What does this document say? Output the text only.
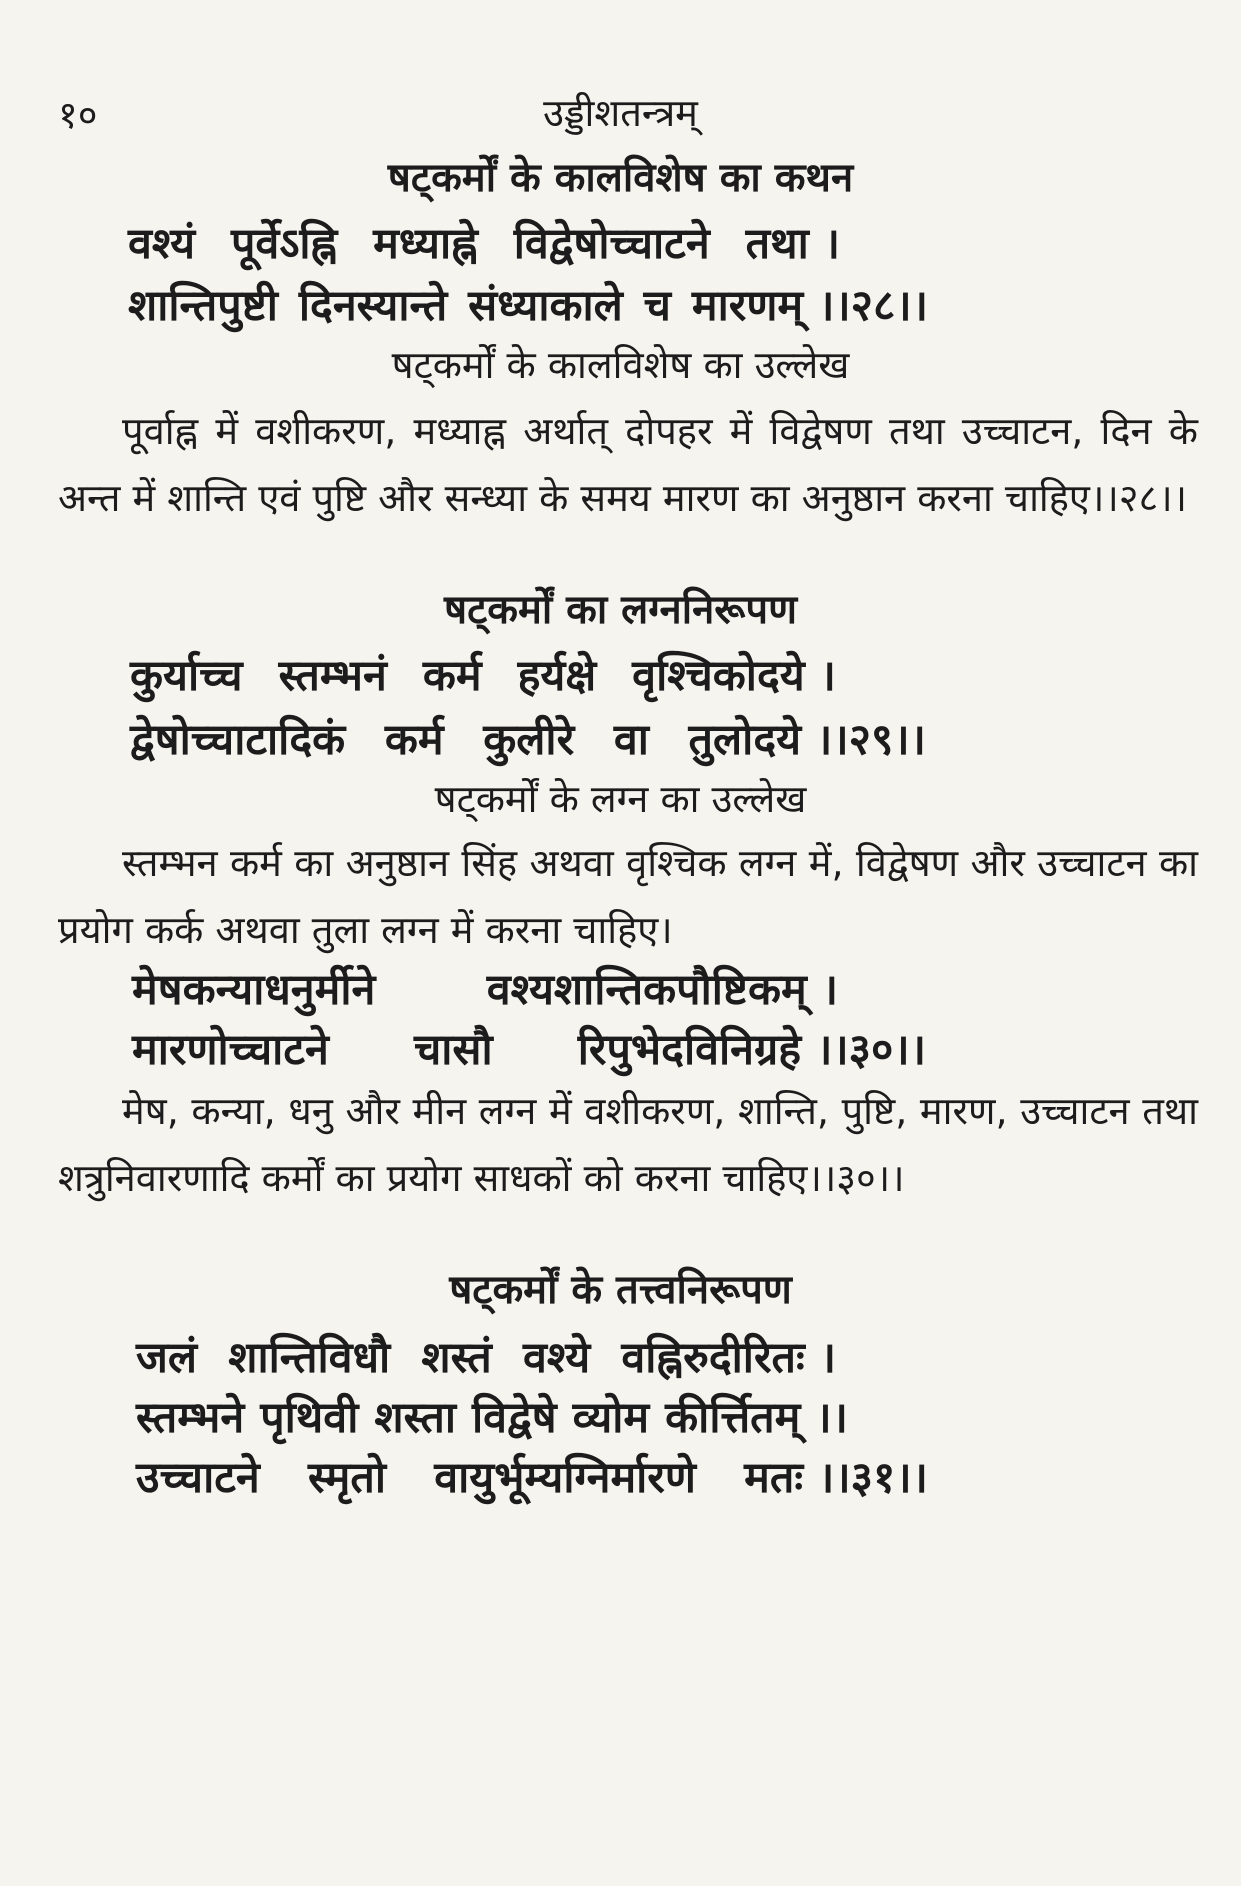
१०	उड्डीशतन्त्रम्
षट्कर्मों के कालविशेष का कथन
वश्यं पूर्वेऽह्नि मध्याह्ने विद्वेषोच्चाटने तथा ।
शान्तिपुष्टी दिनस्यान्ते संध्याकाले च मारणम् ।।२८।।
षट्कर्मों के कालविशेष का उल्लेख
पूर्वाह्न में वशीकरण, मध्याह्न अर्थात् दोपहर में विद्वेषण तथा उच्चाटन, दिन के अन्त में शान्ति एवं पुष्टि और सन्ध्या के समय मारण का अनुष्ठान करना चाहिए।।२८।।
षट्कर्मों का लग्ननिरूपण
कुर्याच्च स्तम्भनं कर्म हर्यक्षे वृश्चिकोदये ।
द्वेषोच्चाटादिकं कर्म कुलीरे वा तुलोदये ।।२९।।
षट्कर्मों के लग्न का उल्लेख
स्तम्भन कर्म का अनुष्ठान सिंह अथवा वृश्चिक लग्न में, विद्वेषण और उच्चाटन का प्रयोग कर्क अथवा तुला लग्न में करना चाहिए।
मेषकन्याधनुर्मीने	वश्यशान्तिकपौष्टिकम् ।
मारणोच्चाटने चासौ रिपुभेदविनिग्रहे ।।३०।।
मेष, कन्या, धनु और मीन लग्न में वशीकरण, शान्ति, पुष्टि, मारण, उच्चाटन तथा शत्रुनिवारणादि कर्मों का प्रयोग साधकों को करना चाहिए।।३०।।
षट्कर्मों के तत्त्वनिरूपण
जलं शान्तिविधौ शस्तं वश्ये वह्निरुदीरितः ।
स्तम्भने पृथिवी शस्ता विद्वेषे व्योम कीर्त्तितम् ।।
उच्चाटने स्मृतो वायुर्भूम्यग्निर्मारणे मतः ।।३१।।
